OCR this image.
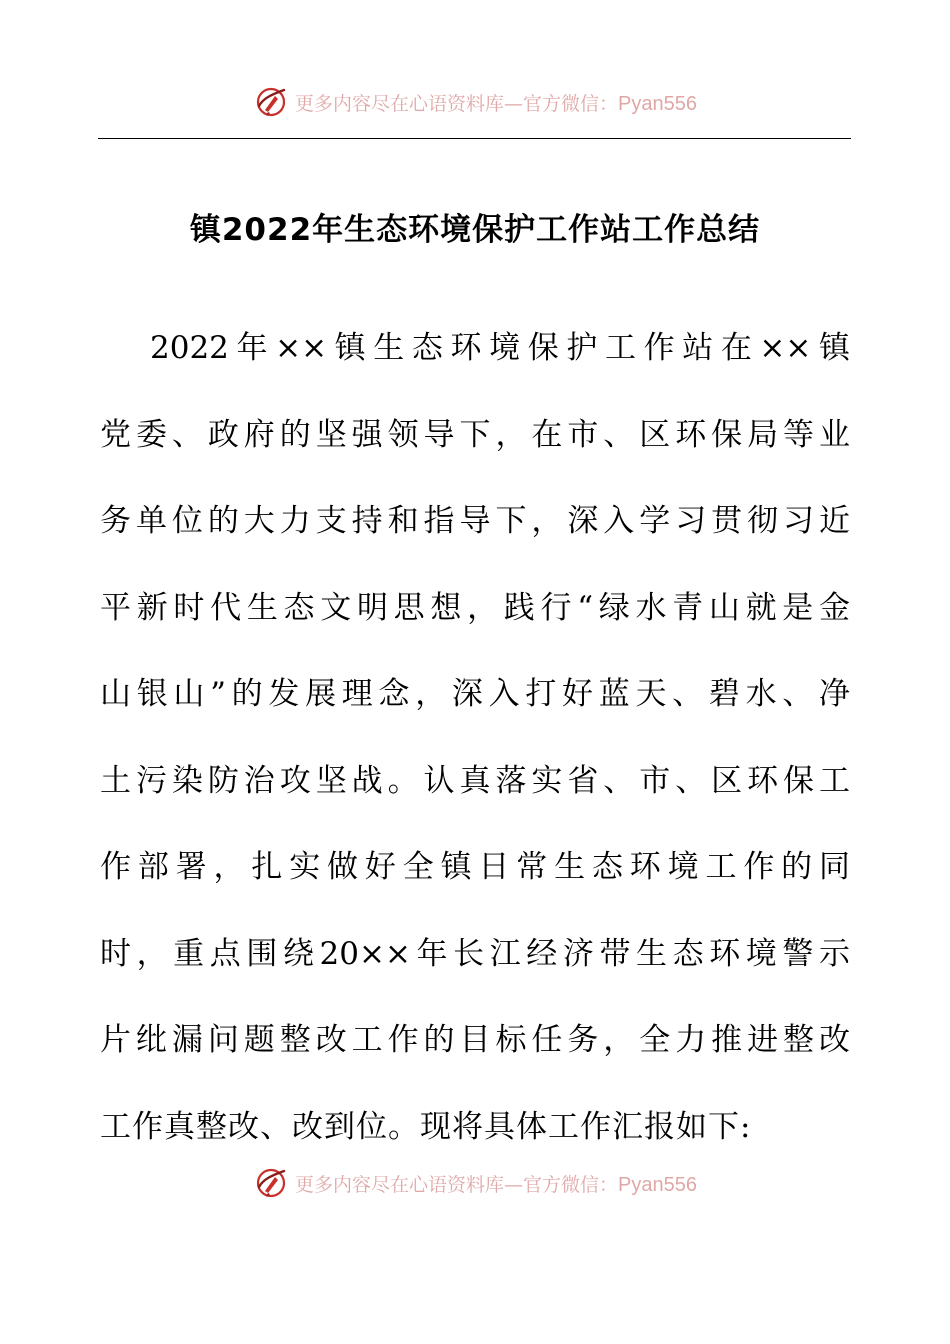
更多内容尽在心语资料库—官方微信：Pyan556
镇2022年生态环境保护工作站工作总结
2022年××镇生态环境保护工作站在××镇
党委、政府的坚强领导下，在市、区环保局等业
务单位的大力支持和指导下，深入学习贯彻习近
平新时代生态文明思想，践行“绿水青山就是金
山银山”的发展理念，深入打好蓝天、碧水、净
土污染防治攻坚战。认真落实省、市、区环保工
作部署，扎实做好全镇日常生态环境工作的同
时，重点围绕20××年长江经济带生态环境警示
片纰漏问题整改工作的目标任务，全力推进整改
工作真整改、改到位。现将具体工作汇报如下:
更多内容尽在心语资料库—官方微信：Pyan556
